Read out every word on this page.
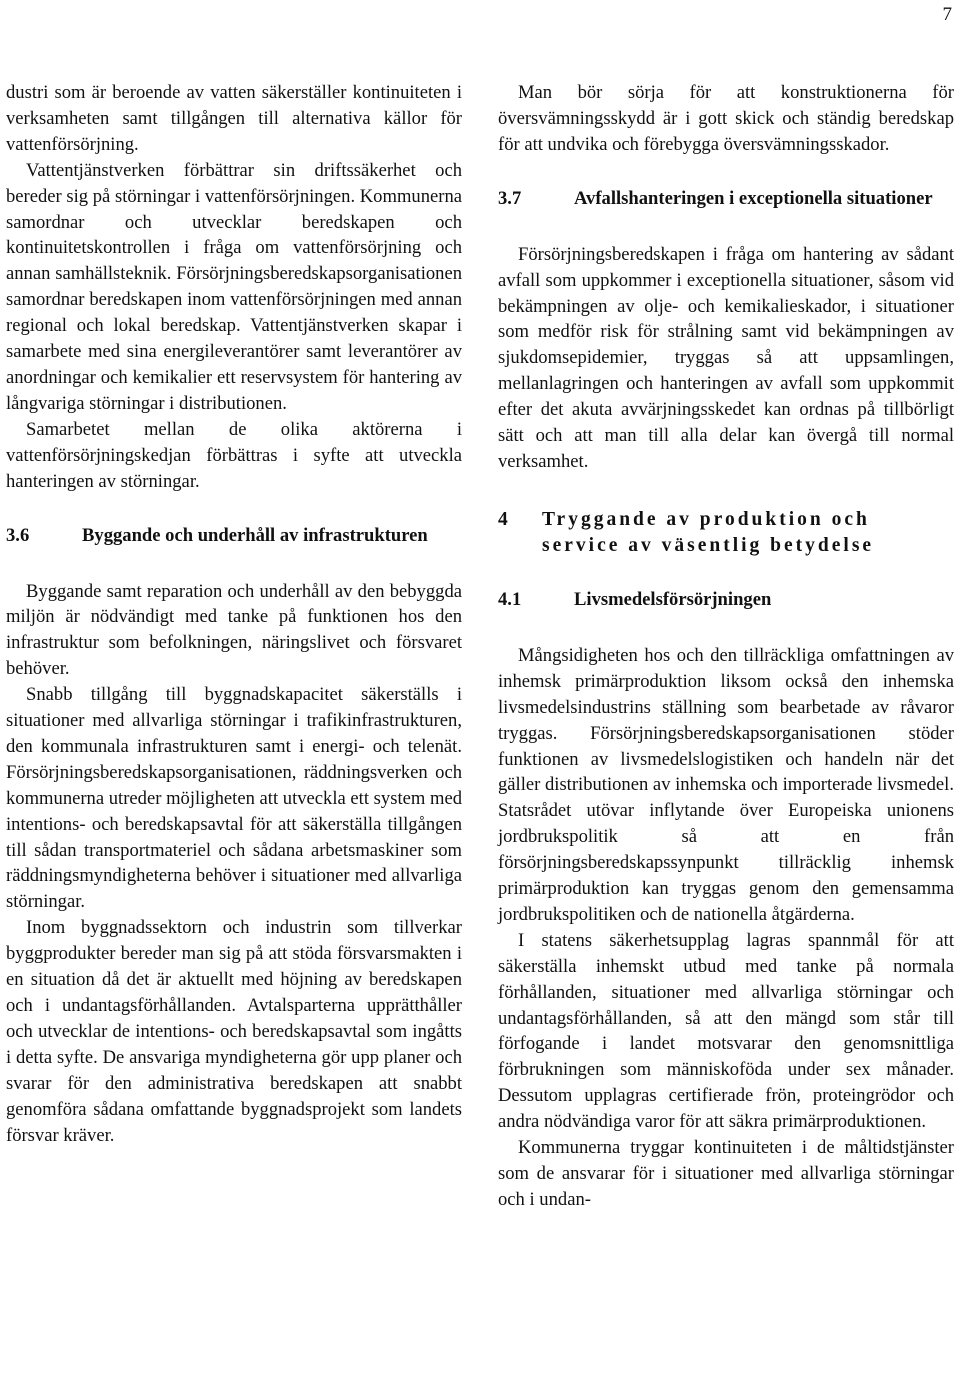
7

dustri som är beroende av vatten säkerställer kontinuiteten i verksamheten samt tillgången till alternativa källor för vattenförsörjning.

Vattentjänstverken förbättrar sin driftssäkerhet och bereder sig på störningar i vattenförsörjningen. Kommunerna samordnar och utvecklar beredskapen och kontinuitetskontrollen i fråga om vattenförsörjning och annan samhällsteknik. Försörjningsberedskapsorganisationen samordnar beredskapen inom vattenförsörjningen med annan regional och lokal beredskap. Vattentjänstverken skapar i samarbete med sina energileverantörer samt leverantörer av anordningar och kemikalier ett reservsystem för hantering av långvariga störningar i distributionen.

Samarbetet mellan de olika aktörerna i vattenförsörjningskedjan förbättras i syfte att utveckla hanteringen av störningar.

3.6	Byggande och underhåll av infrastrukturen

Byggande samt reparation och underhåll av den bebyggda miljön är nödvändigt med tanke på funktionen hos den infrastruktur som befolkningen, näringslivet och försvaret behöver.

Snabb tillgång till byggnadskapacitet säkerställs i situationer med allvarliga störningar i trafikinfrastrukturen, den kommunala infrastrukturen samt i energi- och telenät. Försörjningsberedskapsorganisationen, räddningsverken och kommunerna utreder möjligheten att utveckla ett system med intentions- och beredskapsavtal för att säkerställa tillgången till sådan transportmateriel och sådana arbetsmaskiner som räddningsmyndigheterna behöver i situationer med allvarliga störningar.

Inom byggnadssektorn och industrin som tillverkar byggprodukter bereder man sig på att stöda försvarsmakten i en situation då det är aktuellt med höjning av beredskapen och i undantagsförhållanden. Avtalsparterna upprätthåller och utvecklar de intentions- och beredskapsavtal som ingåtts i detta syfte. De ansvariga myndigheterna gör upp planer och svarar för den administrativa beredskapen att snabbt genomföra sådana omfattande byggnadsprojekt som landets försvar kräver.

Man bör sörja för att konstruktionerna för översvämningsskydd är i gott skick och ständig beredskap för att undvika och förebygga översvämningsskador.

3.7	Avfallshanteringen i exceptionella situationer

Försörjningsberedskapen i fråga om hantering av sådant avfall som uppkommer i exceptionella situationer, såsom vid bekämpningen av olje- och kemikalieskador, i situationer som medför risk för strålning samt vid bekämpningen av sjukdomsepidemier, tryggas så att uppsamlingen, mellanlagringen och hanteringen av avfall som uppkommit efter det akuta avvärjningsskedet kan ordnas på tillbörligt sätt och att man till alla delar kan övergå till normal verksamhet.

4	Tryggande av produktion och service av väsentlig betydelse
4.1	Livsmedelsförsörjningen

Mångsidigheten hos och den tillräckliga omfattningen av inhemsk primärproduktion liksom också den inhemska livsmedelsindustrins ställning som bearbetade av råvaror tryggas. Försörjningsberedskapsorganisationen stöder funktionen av livsmedelslogistiken och handeln när det gäller distributionen av inhemska och importerade livsmedel. Statsrådet utövar inflytande över Europeiska unionens jordbrukspolitik så att en från försörjningsberedskapssynpunkt tillräcklig inhemsk primärproduktion kan tryggas genom den gemensamma jordbrukspolitiken och de nationella åtgärderna.

I statens säkerhetsupplag lagras spannmål för att säkerställa inhemskt utbud med tanke på normala förhållanden, situationer med allvarliga störningar och undantagsförhållanden, så att den mängd som står till förfogande i landet motsvarar den genomsnittliga förbrukningen som människoföda under sex månader. Dessutom upplagras certifierade frön, proteingrödor och andra nödvändiga varor för att säkra primärproduktionen.

Kommunerna tryggar kontinuiteten i de måltidstjänster som de ansvarar för i situationer med allvarliga störningar och i undan-
